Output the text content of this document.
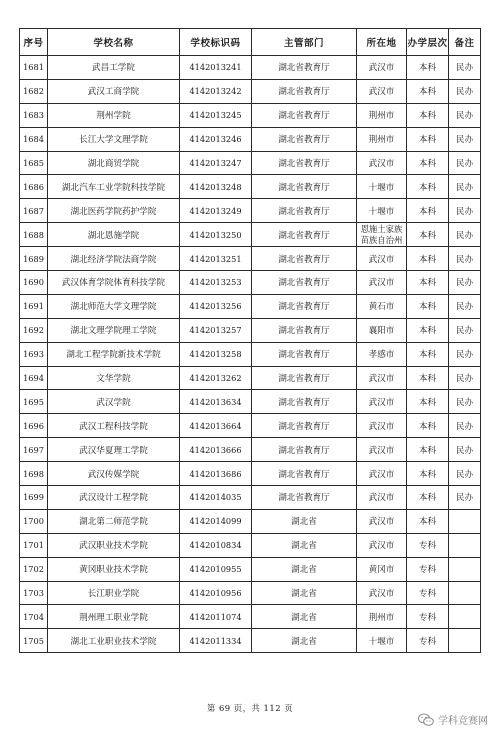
序号	学校名称	学校标识码	主管部门	所在地	办学层次	备注
1681	武昌工学院	4142013241	湖北省教育厅	武汉市	本科	民办
1682	武汉工商学院	4142013242	湖北省教育厅	武汉市	本科	民办
1683	荆州学院	4142013245	湖北省教育厅	荆州市	本科	民办
1684	长江大学文理学院	4142013246	湖北省教育厅	荆州市	本科	民办
1685	湖北商贸学院	4142013247	湖北省教育厅	武汉市	本科	民办
1686	湖北汽车工业学院科技学院	4142013248	湖北省教育厅	十堰市	本科	民办
1687	湖北医药学院药护学院	4142013249	湖北省教育厅	十堰市	本科	民办
1688	湖北恩施学院	4142013250	湖北省教育厅	恩施土家族苗族自治州	本科	民办
1689	湖北经济学院法商学院	4142013251	湖北省教育厅	武汉市	本科	民办
1690	武汉体育学院体育科技学院	4142013253	湖北省教育厅	武汉市	本科	民办
1691	湖北师范大学文理学院	4142013256	湖北省教育厅	黄石市	本科	民办
1692	湖北文理学院理工学院	4142013257	湖北省教育厅	襄阳市	本科	民办
1693	湖北工程学院新技术学院	4142013258	湖北省教育厅	孝感市	本科	民办
1694	文华学院	4142013262	湖北省教育厅	武汉市	本科	民办
1695	武汉学院	4142013634	湖北省教育厅	武汉市	本科	民办
1696	武汉工程科技学院	4142013664	湖北省教育厅	武汉市	本科	民办
1697	武汉华夏理工学院	4142013666	湖北省教育厅	武汉市	本科	民办
1698	武汉传媒学院	4142013686	湖北省教育厅	武汉市	本科	民办
1699	武汉设计工程学院	4142014035	湖北省教育厅	武汉市	本科	民办
1700	湖北第二师范学院	4142014099	湖北省	武汉市	本科	
1701	武汉职业技术学院	4142010834	湖北省	武汉市	专科	
1702	黄冈职业技术学院	4142010955	湖北省	黄冈市	专科	
1703	长江职业学院	4142010956	湖北省	武汉市	专科	
1704	荆州理工职业学院	4142011074	湖北省	荆州市	专科	
1705	湖北工业职业技术学院	4142011334	湖北省	十堰市	专科	
第 69 页，共 112 页
学科竞赛网
